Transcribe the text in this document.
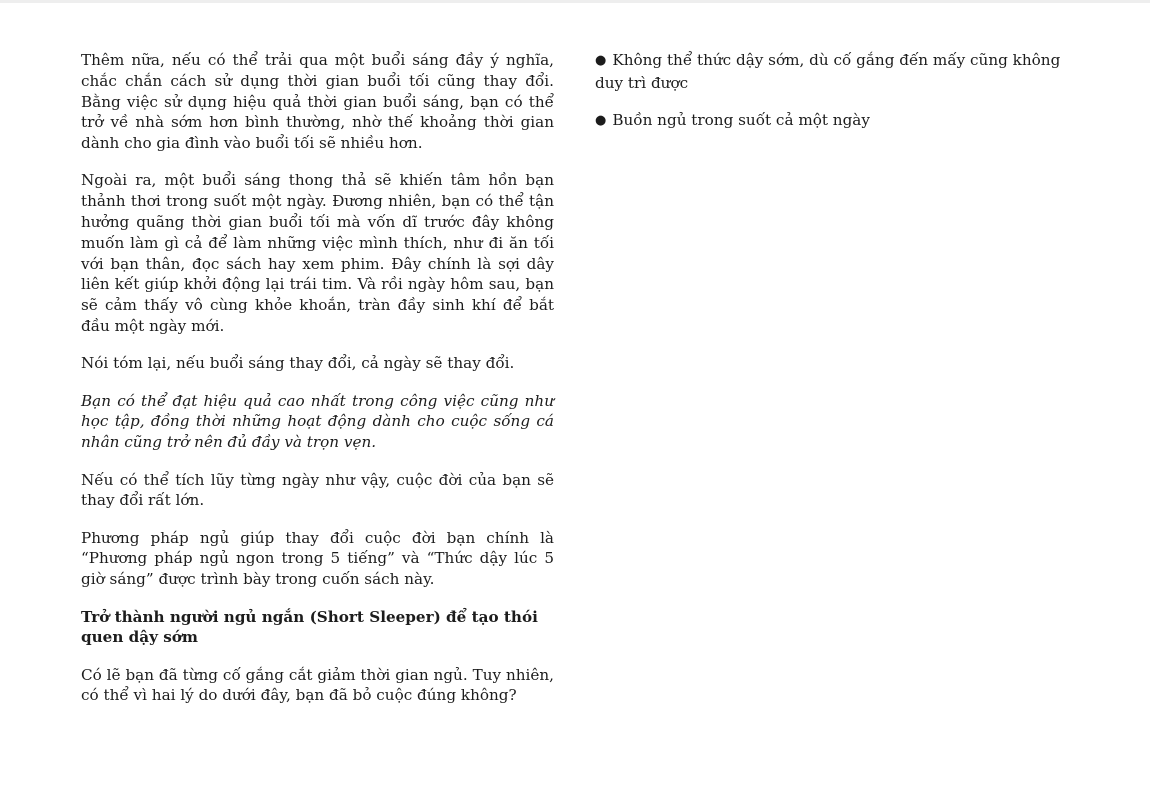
Thêm nữa, nếu có thể trải qua một buổi sáng đầy ý nghĩa, chắc chắn cách sử dụng thời gian buổi tối cũng thay đổi. Bằng việc sử dụng hiệu quả thời gian buổi sáng, bạn có thể trở về nhà sớm hơn bình thường, nhờ thế khoảng thời gian dành cho gia đình vào buổi tối sẽ nhiều hơn.

Ngoài ra, một buổi sáng thong thả sẽ khiến tâm hồn bạn thảnh thơi trong suốt một ngày. Đương nhiên, bạn có thể tận hưởng quãng thời gian buổi tối mà vốn dĩ trước đây không muốn làm gì cả để làm những việc mình thích, như đi ăn tối với bạn thân, đọc sách hay xem phim. Đây chính là sợi dây liên kết giúp khởi động lại trái tim. Và rồi ngày hôm sau, bạn sẽ cảm thấy vô cùng khỏe khoắn, tràn đầy sinh khí để bắt đầu một ngày mới.

Nói tóm lại, nếu buổi sáng thay đổi, cả ngày sẽ thay đổi.

Bạn có thể đạt hiệu quả cao nhất trong công việc cũng như học tập, đồng thời những hoạt động dành cho cuộc sống cá nhân cũng trở nên đủ đầy và trọn vẹn.

Nếu có thể tích lũy từng ngày như vậy, cuộc đời của bạn sẽ thay đổi rất lớn.

Phương pháp ngủ giúp thay đổi cuộc đời bạn chính là “Phương pháp ngủ ngon trong 5 tiếng” và “Thức dậy lúc 5 giờ sáng” được trình bày trong cuốn sách này.

Trở thành người ngủ ngắn (Short Sleeper) để tạo thói quen dậy sớm

Có lẽ bạn đã từng cố gắng cắt giảm thời gian ngủ. Tuy nhiên, có thể vì hai lý do dưới đây, bạn đã bỏ cuộc đúng không?

● Không thể thức dậy sớm, dù cố gắng đến mấy cũng không duy trì được

● Buồn ngủ trong suốt cả một ngày
